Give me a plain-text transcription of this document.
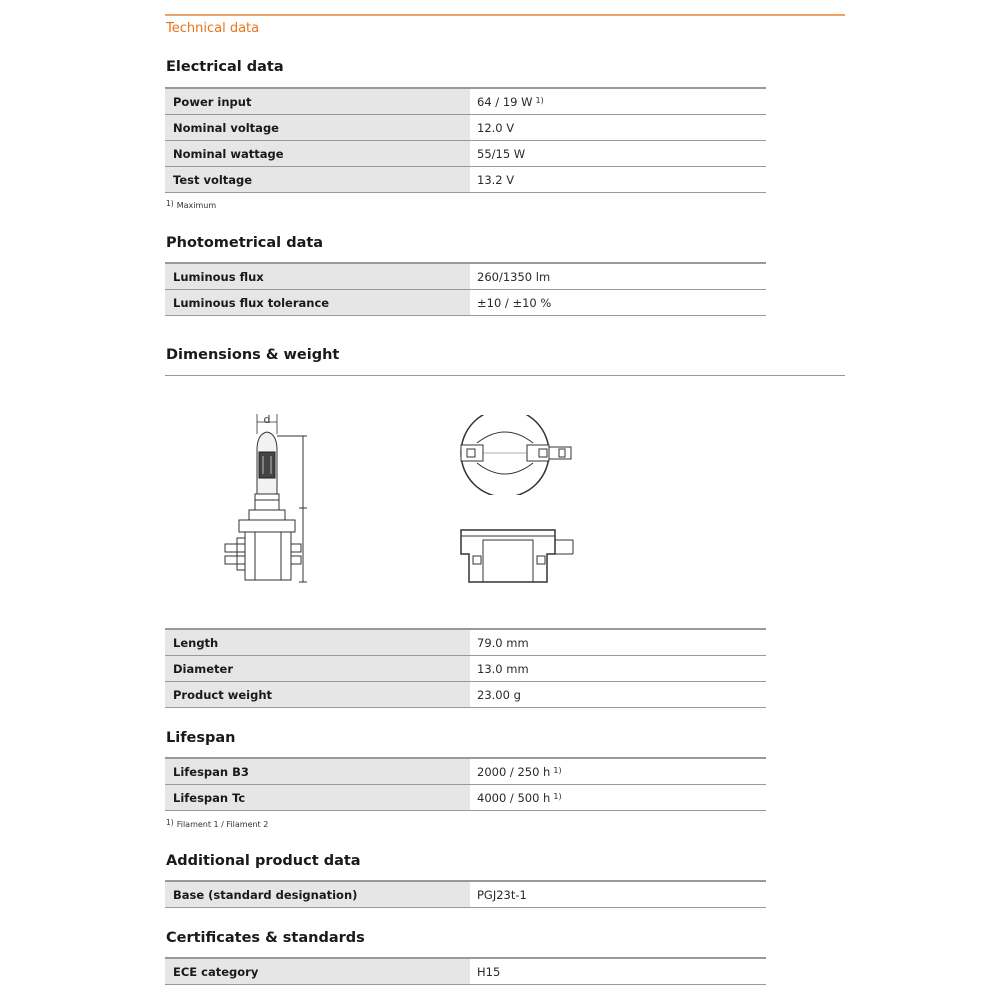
Technical data
Electrical data
Power input	64 / 19 W $^{1)}$
Nominal voltage	12.0 V
Nominal wattage	55/15 W
Test voltage	13.2 V
$^{1)}$ Maximum
Photometrical data
Luminous flux	260/1350 lm
Luminous flux tolerance	±10 / ±10 %
Dimensions & weight
d
Length	79.0 mm
Diameter	13.0 mm
Product weight	23.00 g
Lifespan
Lifespan B3	2000 / 250 h $^{1)}$
Lifespan Tc	4000 / 500 h $^{1)}$
$^{1)}$ Filament 1 / Filament 2
Additional product data
Base (standard designation)	PGJ23t-1
Certificates & standards
ECE category	H15
